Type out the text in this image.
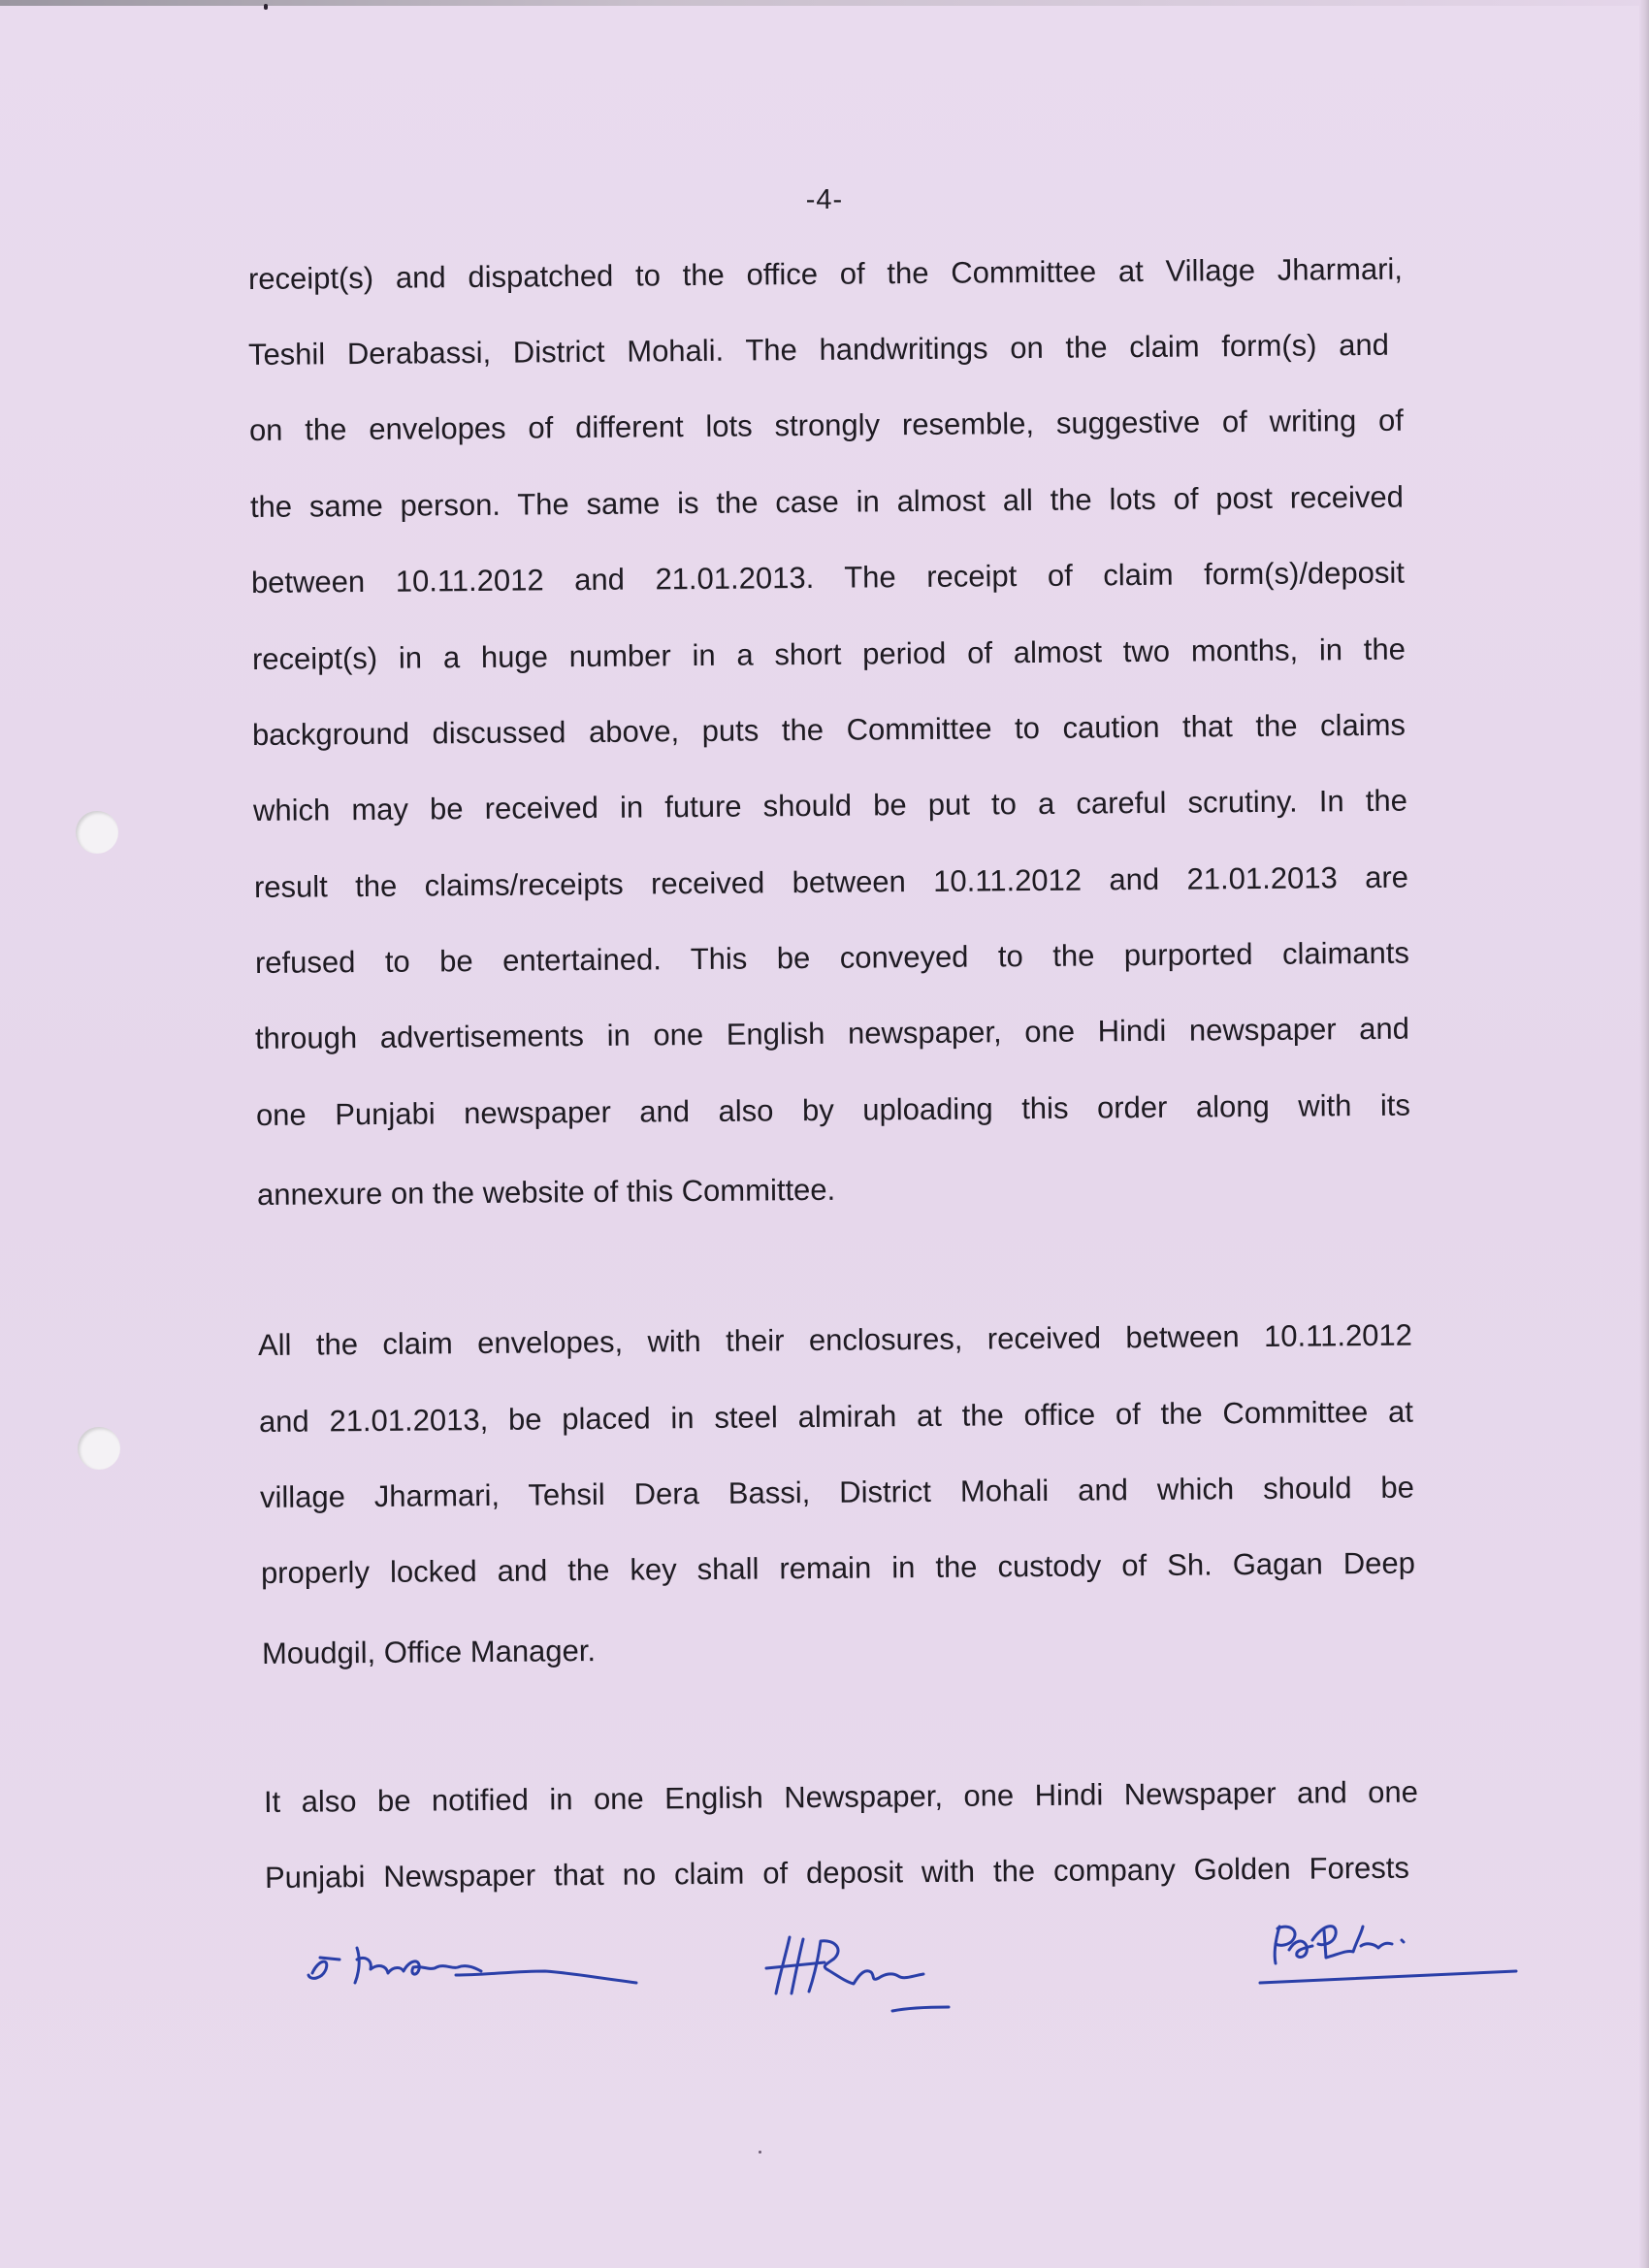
-4-
receipt(s) and dispatched to the office of the Committee at Village Jharmari,
Teshil Derabassi, District Mohali. The handwritings on the claim form(s) and
on the envelopes of different lots strongly resemble, suggestive of writing of
the same person. The same is the case in almost all the lots of post received
between 10.11.2012 and 21.01.2013. The receipt of claim form(s)/deposit
receipt(s) in a huge number in a short period of almost two months, in the
background discussed above, puts the Committee to caution that the claims
which may be received in future should be put to a careful scrutiny. In the
result the claims/receipts received between 10.11.2012 and 21.01.2013 are
refused to be entertained. This be conveyed to the purported claimants
through advertisements in one English newspaper, one Hindi newspaper and
one Punjabi newspaper and also by uploading this order along with its
annexure on the website of this Committee.
All the claim envelopes, with their enclosures, received between 10.11.2012
and 21.01.2013, be placed in steel almirah at the office of the Committee at
village Jharmari, Tehsil Dera Bassi, District Mohali and which should be
properly locked and the key shall remain in the custody of Sh. Gagan Deep
Moudgil, Office Manager.
It also be notified in one English Newspaper, one Hindi Newspaper and one
Punjabi Newspaper that no claim of deposit with the company Golden Forests
